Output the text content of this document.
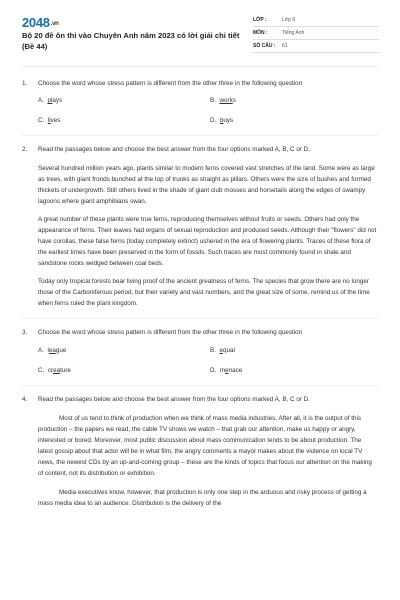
2048.vn
Bộ 20 đề ôn thi vào Chuyên Anh năm 2023 có lời giải chi tiết (Đề 44)
LỚP :	Lớp 9
MÔN :	Tiếng Anh
SỐ CÂU :	61
1. Choose the word whose stress pattern is different from the other three in the following question
A. plays	B. works
C. lives	D. buys
2. Read the passages below and choose the best answer from the four options marked A, B, C or D.
Several hundred million years ago, plants similar to modern ferns covered vast stretches of the land. Some were as large as trees, with giant fronds bunched at the top of trunks as straight as pillars. Others were the size of bushes and formed thickets of undergrowth. Still others lived in the shade of giant club mosses and horsetails along the edges of swampy lagoons where giant amphibians swan.
A great number of these plants were true ferns, reproducing themselves without fruits or seeds. Others had only the appearance of ferns. Their leaves had organs of sexual reproduction and produced seeds. Although their "flowers" did not have corollas, these false ferns (today completely extinct) ushered in the era of flowering plants. Traces of these flora of the earliest times have been preserved in the form of fossils. Such traces are most commonly found in shale and sandstone rocks wedged between coal beds.
Today only tropical forests bear living proof of the ancient greatness of ferns. The species that grow there are no longer those of the Carboniferous period, but their variety and vast numbers, and the great size of some, remind us of the time when ferns ruled the plant kingdom.
3. Choose the word whose stress pattern is different from the other three in the following question
A. league	B. equal
C. creature	D. menace
4. Read the passages below and choose the best answer from the four options marked A, B, C or D.
Most of us tend to think of production when we think of mass media industries. After all, it is the output of this production – the papers we read, the cable TV shows we watch – that grab our attention, make us happy or angry, interested or bored. Moreover, most public discussion about mass communication tends to be about production. The latest gossip about that actor will be in what film, the angry comments a mayor makes about the violence on local TV news, the newest CDs by an up-and-coming group – these are the kinds of topics that focus our attention on the making of content, not its distribution or exhibition.
Media executives know, however, that production is only one step in the arduous and risky process of getting a mass media idea to an audience. Distribution is the delivery of the
